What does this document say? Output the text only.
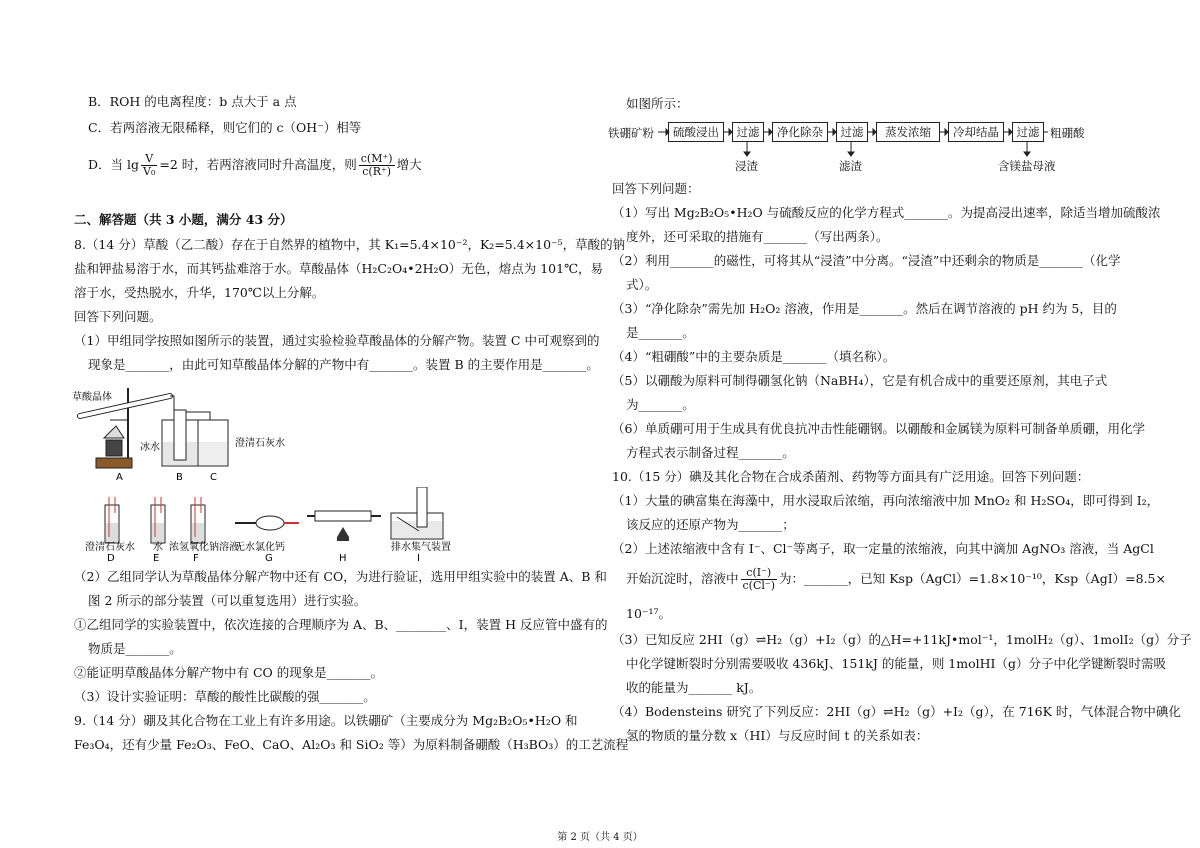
B．ROH 的电离程度：b 点大于 a 点
C．若两溶液无限稀释，则它们的 c（OH⁻）相等
D．当 $\lg \frac{V}{\text{V₀}} =2$ 时，若两溶液同时升高温度，则 $\frac{c(M^+)}{c(R^+)}$ 增大
二、解答题（共 3 小题，满分 43 分）
8.（14 分）草酸（乙二酸）存在于自然界的植物中，其 K₁=5.4×10⁻²，K₂=5.4×10⁻⁵，草酸的钠
盐和钾盐易溶于水，而其钙盐难溶于水。草酸晶体（H₂C₂O₄•2H₂O）无色，熔点为 101℃，易
溶于水，受热脱水，升华，170℃以上分解。
回答下列问题。
（1）甲组同学按照如图所示的装置，通过实验检验草酸晶体的分解产物。装置 C 中可观察到的
现象是_______，由此可知草酸晶体分解的产物中有_______。装置 B 的主要作用是_______。
草酸晶体
冰水	澄清石灰水
A	B	C
澄清石灰水
D
水
E
浓氢氧化钠溶液
F
无水氯化钙
G	H
排水集气装置
I
（2）乙组同学认为草酸晶体分解产物中还有 CO，为进行验证，选用甲组实验中的装置 A、B 和
图 2 所示的部分装置（可以重复选用）进行实验。
①乙组同学的实验装置中，依次连接的合理顺序为 A、B、________、I，装置 H 反应管中盛有的
物质是_______。
②能证明草酸晶体分解产物中有 CO 的现象是_______。
（3）设计实验证明：草酸的酸性比碳酸的强_______。
9.（14 分）硼及其化合物在工业上有许多用途。以铁硼矿（主要成分为 Mg₂B₂O₅•H₂O 和
Fe₃O₄，还有少量 Fe₂O₃、FeO、CaO、Al₂O₃ 和 SiO₂ 等）为原料制备硼酸（H₃BO₃）的工艺流程
如图所示：
铁硼矿粉	硫酸浸出	过滤	净化除杂	过滤	蒸发浓缩	冷却结晶	过滤
浸渣	滤渣	含镁盐母液
粗硼酸
回答下列问题：
（1）写出 Mg₂B₂O₅•H₂O 与硫酸反应的化学方程式_______。为提高浸出速率，除适当增加硫酸浓
度外，还可采取的措施有_______（写出两条）。
（2）利用_______的磁性，可将其从“浸渣”中分离。“浸渣”中还剩余的物质是_______（化学
式）。
（3）“净化除杂”需先加 H₂O₂ 溶液，作用是_______。然后在调节溶液的 pH 约为 5，目的
是_______。
（4）“粗硼酸”中的主要杂质是_______（填名称）。
（5）以硼酸为原料可制得硼氢化钠（NaBH₄），它是有机合成中的重要还原剂，其电子式
为_______。
（6）单质硼可用于生成具有优良抗冲击性能硼钢。以硼酸和金属镁为原料可制备单质硼，用化学
方程式表示制备过程_______。
10.（15 分）碘及其化合物在合成杀菌剂、药物等方面具有广泛用途。回答下列问题：
（1）大量的碘富集在海藻中，用水浸取后浓缩，再向浓缩液中加 MnO₂ 和 H₂SO₄，即可得到 I₂，
该反应的还原产物为_______；
（2）上述浓缩液中含有 I⁻、Cl⁻等离子，取一定量的浓缩液，向其中滴加 AgNO₃ 溶液，当 AgCl
开始沉淀时，溶液中 $\frac{c(I^-)}{c(Cl^-)}$ 为：_______，已知 Ksp（AgCl）=1.8×10⁻¹⁰，Ksp（AgI）=8.5×
10⁻¹⁷。
（3）已知反应 2HI（g）⇌H₂（g）+I₂（g）的△H=+11kJ•mol⁻¹，1molH₂（g）、1molI₂（g）分子
中化学键断裂时分别需要吸收 436kJ、151kJ 的能量，则 1molHI（g）分子中化学键断裂时需吸
收的能量为_______ kJ。
（4）Bodensteins 研究了下列反应：2HI（g）⇌H₂（g）+I₂（g），在 716K 时，气体混合物中碘化
氢的物质的量分数 x（HI）与反应时间 t 的关系如表：
第 2 页（共 4 页）
